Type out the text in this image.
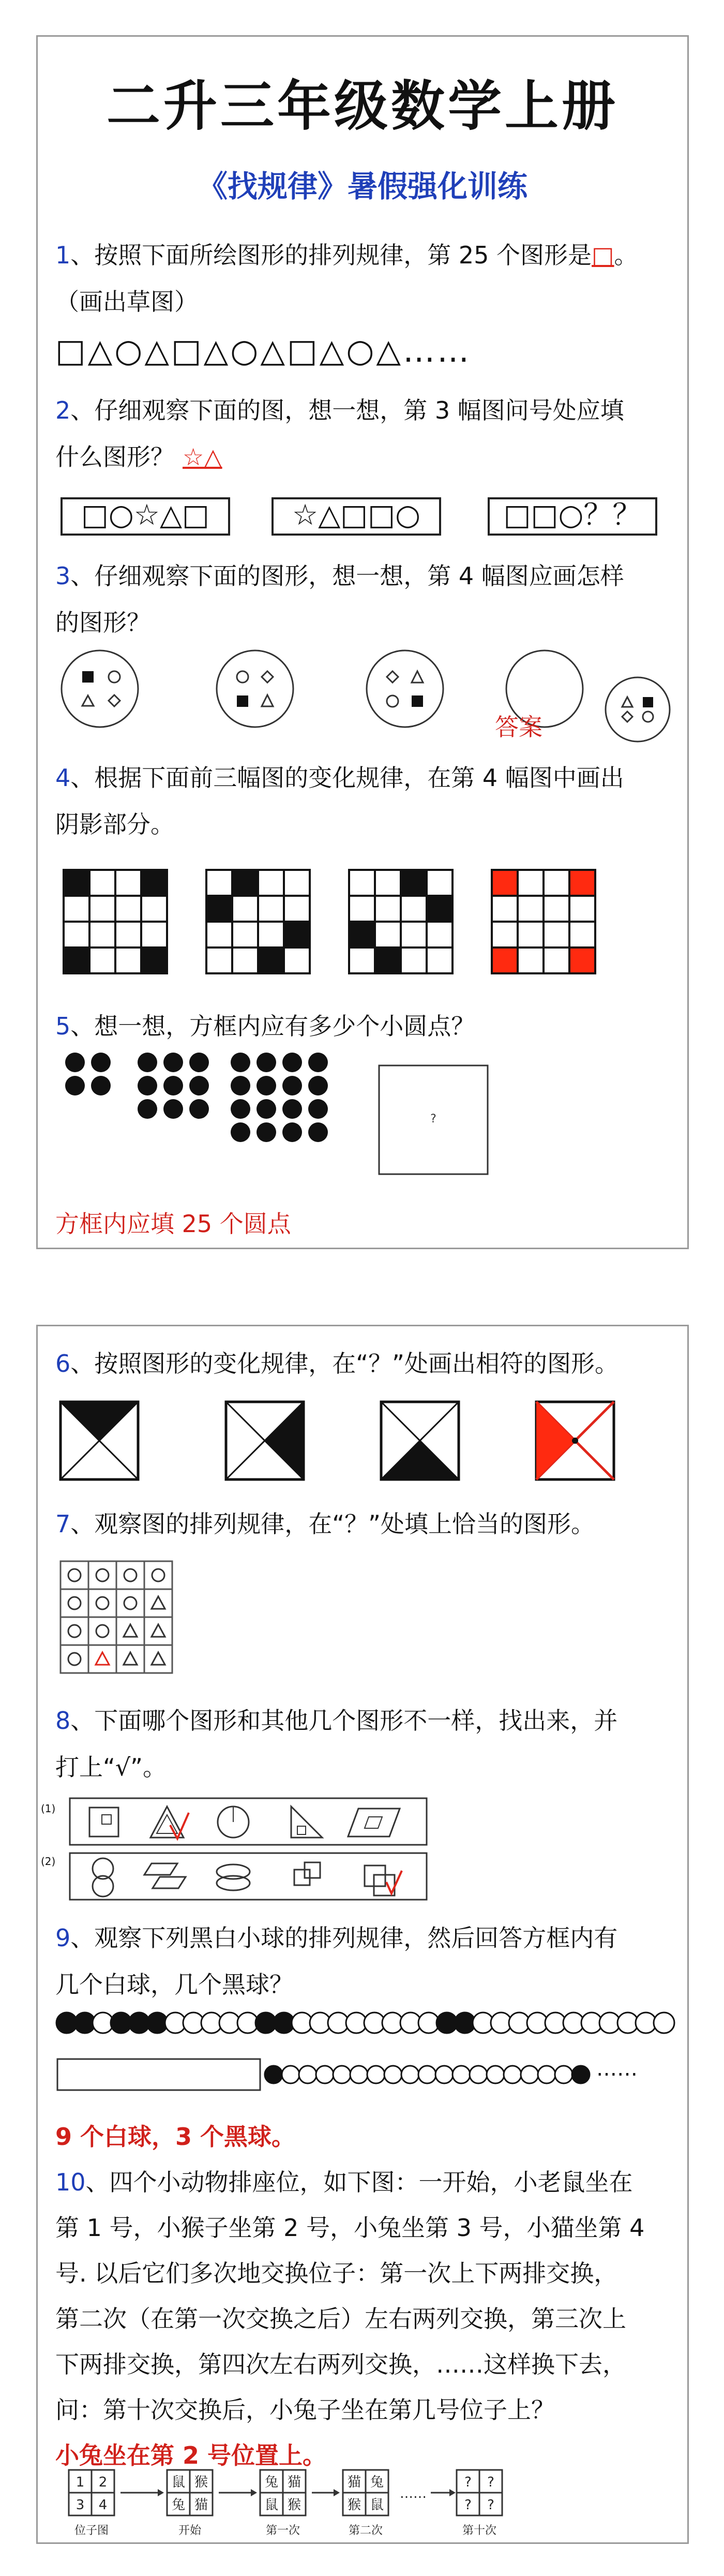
二升三年级数学上册
《找规律》暑假强化训练
1、按照下面所绘图形的排列规律，第 25 个图形是□。
（画出草图）
□△○△□△○△□△○△……
2、仔细观察下面的图，想一想，第 3 幅图问号处应填
什么图形？ ☆△
□○☆△□	☆△□□○	□□○？？
3、仔细观察下面的图形，想一想，第 4 幅图应画怎样
的图形？
答案
4、根据下面前三幅图的变化规律，在第 4 幅图中画出
阴影部分。
5、想一想，方框内应有多少个小圆点？
?
方框内应填 25 个圆点
6、按照图形的变化规律，在“？”处画出相符的图形。
7、观察图的排列规律，在“？”处填上恰当的图形。
8、下面哪个图形和其他几个图形不一样，找出来，并
打上“√”。
(1)
(2)
9、观察下列黑白小球的排列规律，然后回答方框内有
几个白球，几个黑球？
……
9 个白球，3 个黑球。
10、四个小动物排座位，如下图：一开始，小老鼠坐在
第 1 号，小猴子坐第 2 号，小兔坐第 3 号，小猫坐第 4
号. 以后它们多次地交换位子：第一次上下两排交换，
第二次（在第一次交换之后）左右两列交换，第三次上
下两排交换，第四次左右两列交换，……这样换下去，
问：第十次交换后，小兔子坐在第几号位子上？
小兔坐在第 2 号位置上。
1 2
3 4
位子图
鼠 猴
兔 猫
开始
兔 猫
鼠 猴
第一次
猫 兔
猴 鼠
第二次
? ?
? ?
第十次
……
